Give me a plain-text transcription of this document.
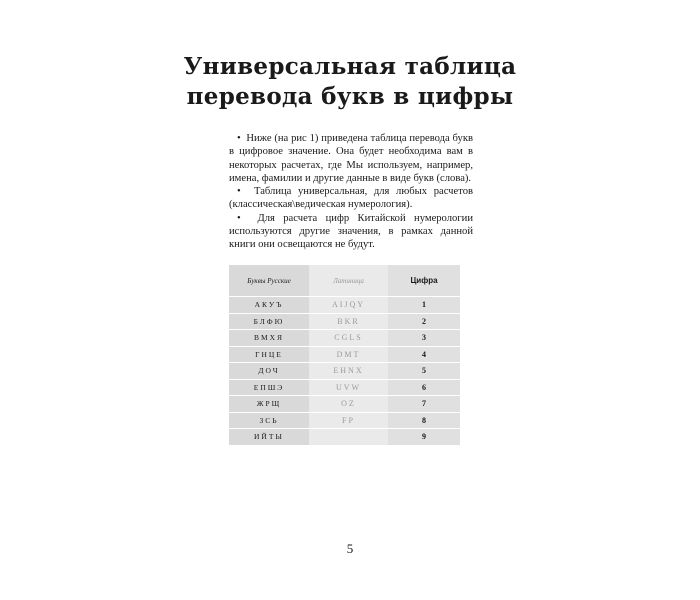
Универсальная таблица
перевода букв в цифры
•  Ниже (на рис 1) приведена таблица перевода букв в цифровое значение. Она будет необходима вам в некоторых расчетах, где Мы используем, например, имена, фамилии и другие данные в виде букв (слова).
•  Таблица универсальная, для любых расчетов (классическая\ведическая нумерология).
•  Для расчета цифр Китайской нумерологии используются другие значения, в рамках данной книги они освещаются не будут.
Буквы Русские	Латиница	Цифра
АКУЪ	AIJQY	1
БЛФЮ	BKR	2
ВМХЯ	CGLS	3
ГНЦЕ	DMT	4
ДОЧ	EHNX	5
ЕПШЭ	UVW	6
ЖРЩ	OZ	7
ЗСЬ	FP	8
ИЙТЫ		9
5
